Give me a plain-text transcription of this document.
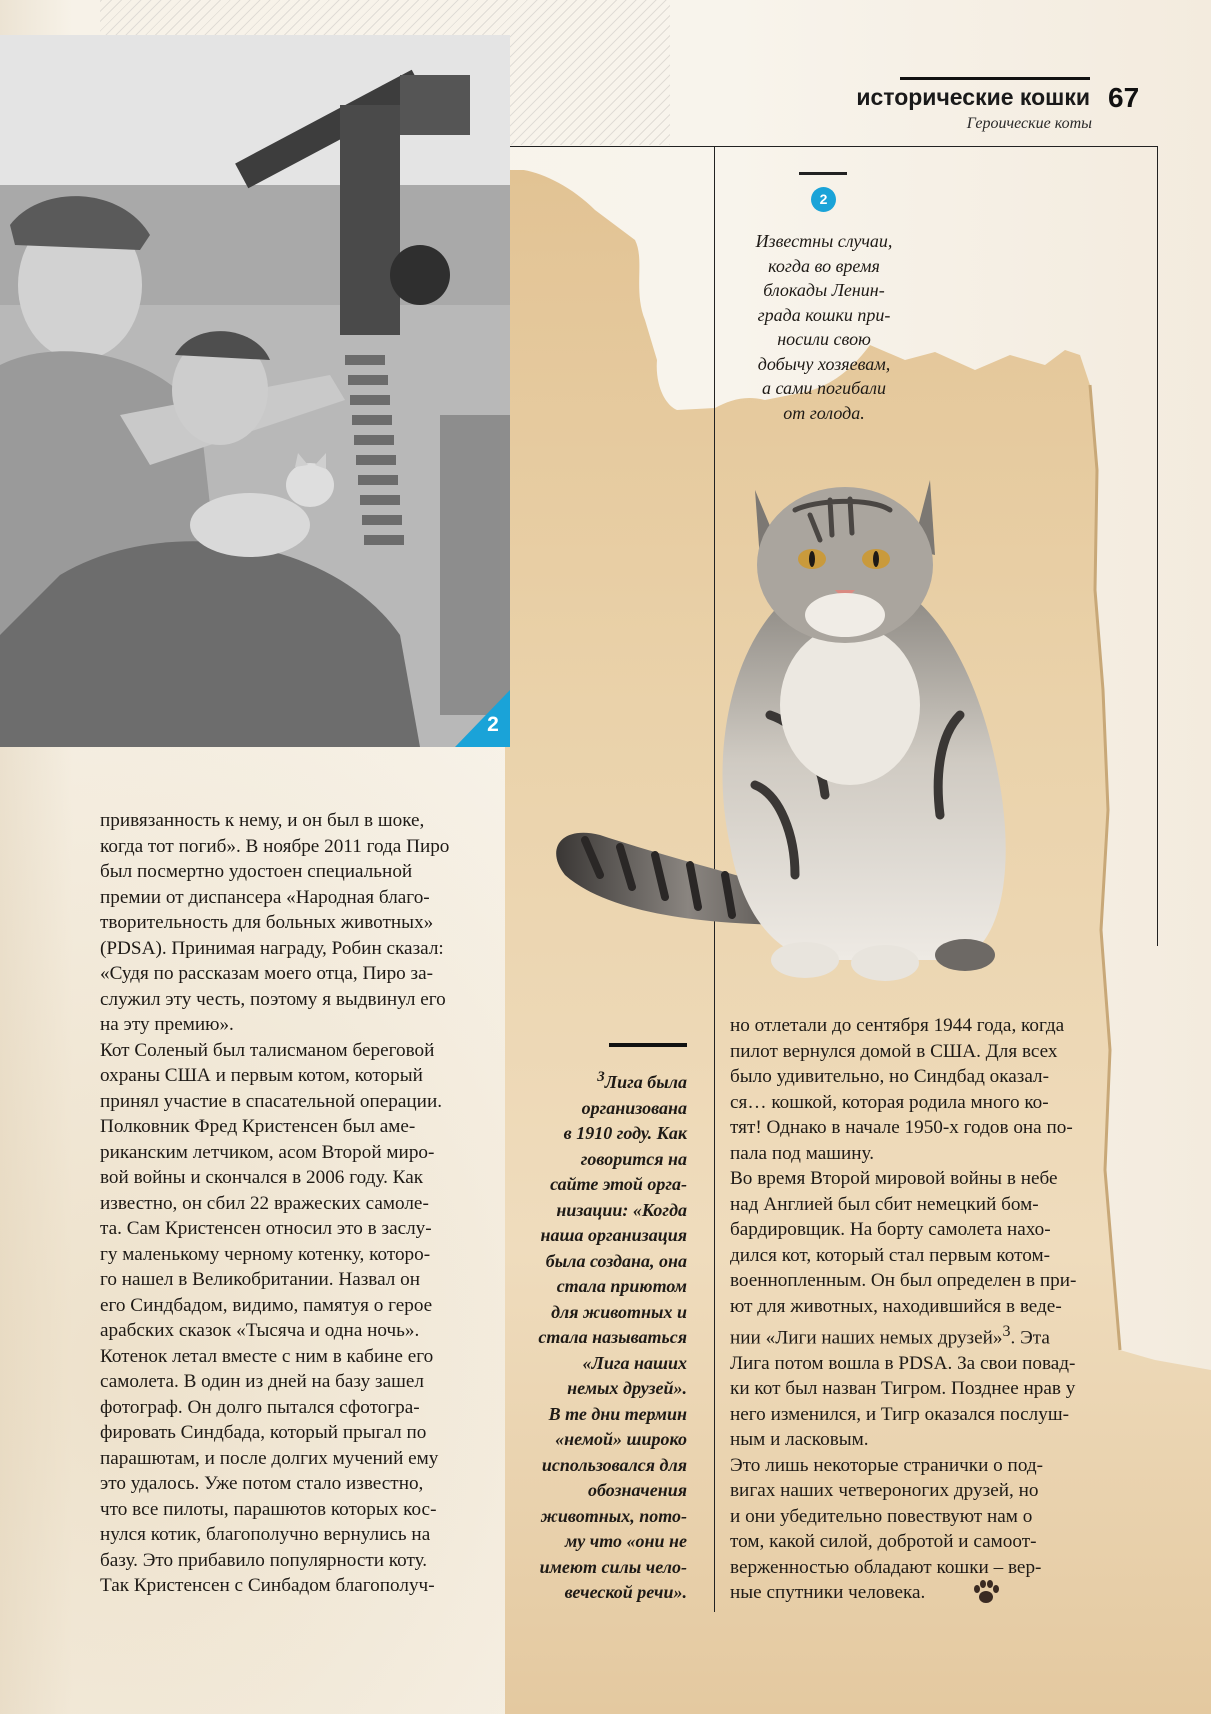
2
исторические кошки 67
Героические коты
2

Известны случаи,
когда во время
блокады Ленин-
града кошки при-
носили свою
добычу хозяевам,
а сами погибали
от голода.

привязанность к нему, и он был в шоке,
когда тот погиб». В ноябре 2011 года Пиро
был посмертно удостоен специальной
премии от диспансера «Народная благо-
творительность для больных животных»
(PDSA). Принимая награду, Робин сказал:
«Судя по рассказам моего отца, Пиро за-
служил эту честь, поэтому я выдвинул его
на эту премию».
Кот Соленый был талисманом береговой
охраны США и первым котом, который
принял участие в спасательной операции.
Полковник Фред Кристенсен был аме-
риканским летчиком, асом Второй миро-
вой войны и скончался в 2006 году. Как
известно, он сбил 22 вражеских самоле-
та. Сам Кристенсен относил это в заслу-
гу маленькому черному котенку, которо-
го нашел в Великобритании. Назвал он
его Синдбадом, видимо, памятуя о герое
арабских сказок «Тысяча и одна ночь».
Котенок летал вместе с ним в кабине его
самолета. В один из дней на базу зашел
фотограф. Он долго пытался сфотогра-
фировать Синдбада, который прыгал по
парашютам, и после долгих мучений ему
это удалось. Уже потом стало известно,
что все пилоты, парашютов которых кос-
нулся котик, благополучно вернулись на
базу. Это прибавило популярности коту.
Так Кристенсен с Синбадом благополуч-

$^3$Лига была
организована
в 1910 году. Как
говорится на
сайте этой орга-
низации: «Когда
наша организация
была создана, она
стала приютом
для животных и
стала называться
«Лига наших
немых друзей».
В те дни термин
«немой» широко
использовался для
обозначения
животных, пото-
му что «они не
имеют силы чело-
веческой речи».

но отлетали до сентября 1944 года, когда
пилот вернулся домой в США. Для всех
было удивительно, но Синдбад оказал-
ся… кошкой, которая родила много ко-
тят! Однако в начале 1950-х годов она по-
пала под машину.
Во время Второй мировой войны в небе
над Англией был сбит немецкий бом-
бардировщик. На борту самолета нахо-
дился кот, который стал первым котом-
военнопленным. Он был определен в при-
ют для животных, находившийся в веде-
нии «Лиги наших немых друзей»$^3$. Эта
Лига потом вошла в PDSA. За свои повад-
ки кот был назван Тигром. Позднее нрав у
него изменился, и Тигр оказался послуш-
ным и ласковым.
Это лишь некоторые странички о под-
вигах наших четвероногих друзей, но
и они убедительно повествуют нам о
том, какой силой, добротой и самоот-
верженностью обладают кошки – вер-
ные спутники человека.
